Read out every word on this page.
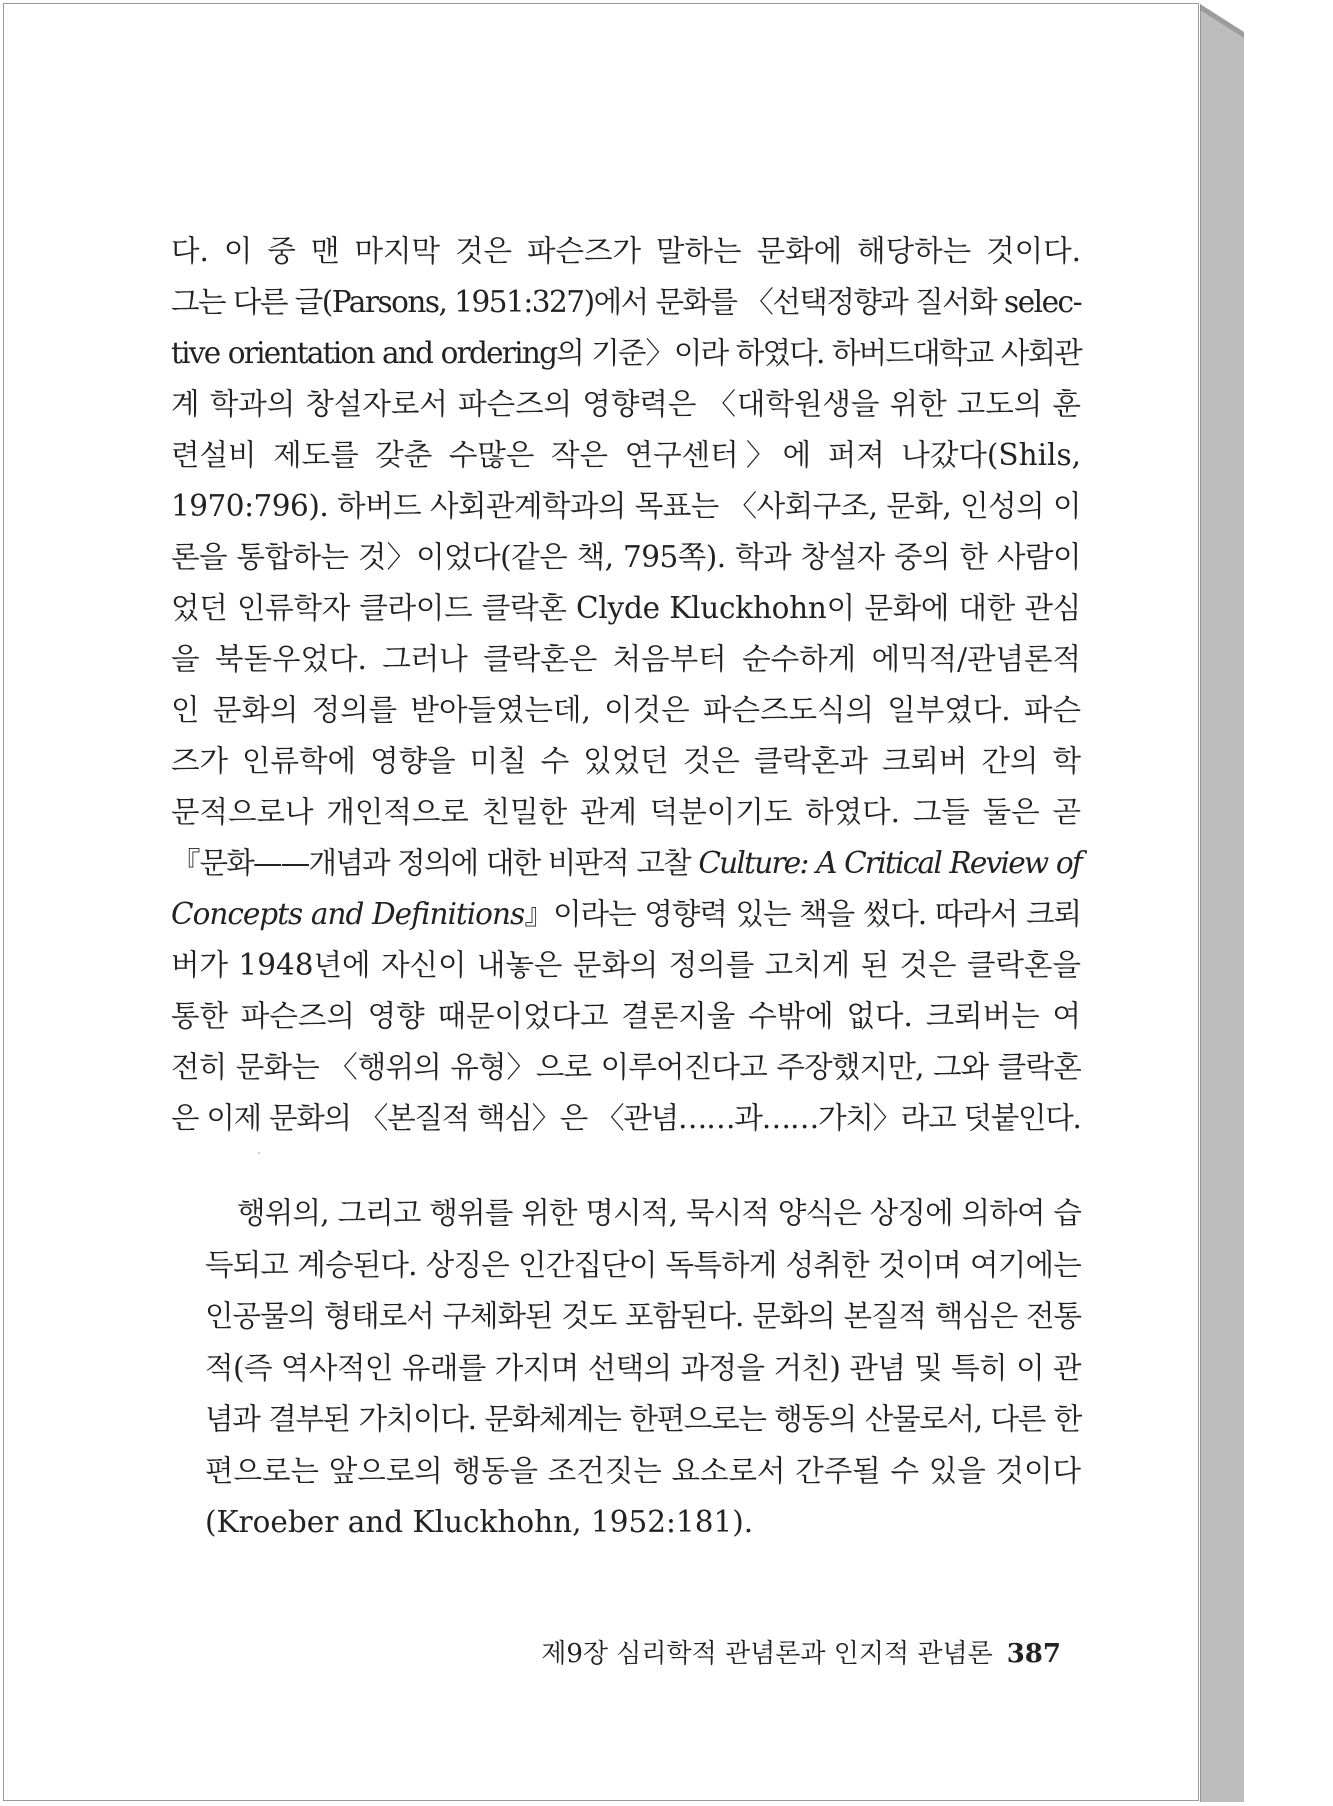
다. 이 중 맨 마지막 것은 파슨즈가 말하는 문화에 해당하는 것이다.
그는 다른 글(Parsons, 1951:327)에서 문화를 〈선택정향과 질서화 selec-
tive orientation and ordering의 기준〉이라 하였다. 하버드대학교 사회관
계 학과의 창설자로서 파슨즈의 영향력은 〈대학원생을 위한 고도의 훈
련설비 제도를 갖춘 수많은 작은 연구센터〉에 퍼져 나갔다(Shils,
1970:796). 하버드 사회관계학과의 목표는 〈사회구조, 문화, 인성의 이
론을 통합하는 것〉이었다(같은 책, 795쪽). 학과 창설자 중의 한 사람이
었던 인류학자 클라이드 클락혼 Clyde Kluckhohn이 문화에 대한 관심
을 북돋우었다. 그러나 클락혼은 처음부터 순수하게 에믹적/관념론적
인 문화의 정의를 받아들였는데, 이것은 파슨즈도식의 일부였다. 파슨
즈가 인류학에 영향을 미칠 수 있었던 것은 클락혼과 크뢰버 간의 학
문적으로나 개인적으로 친밀한 관계 덕분이기도 하였다. 그들 둘은 곧
『문화——개념과 정의에 대한 비판적 고찰 Culture: A Critical Review of
Concepts and Definitions』이라는 영향력 있는 책을 썼다. 따라서 크뢰
버가 1948년에 자신이 내놓은 문화의 정의를 고치게 된 것은 클락혼을
통한 파슨즈의 영향 때문이었다고 결론지울 수밖에 없다. 크뢰버는 여
전히 문화는 〈행위의 유형〉으로 이루어진다고 주장했지만, 그와 클락혼
은 이제 문화의 〈본질적 핵심〉은 〈관념……과……가치〉라고 덧붙인다.

행위의, 그리고 행위를 위한 명시적, 묵시적 양식은 상징에 의하여 습
득되고 계승된다. 상징은 인간집단이 독특하게 성취한 것이며 여기에는
인공물의 형태로서 구체화된 것도 포함된다. 문화의 본질적 핵심은 전통
적(즉 역사적인 유래를 가지며 선택의 과정을 거친) 관념 및 특히 이 관
념과 결부된 가치이다. 문화체계는 한편으로는 행동의 산물로서, 다른 한
편으로는 앞으로의 행동을 조건짓는 요소로서 간주될 수 있을 것이다
(Kroeber and Kluckhohn, 1952:181).

제9장 심리학적 관념론과 인지적 관념론 387
